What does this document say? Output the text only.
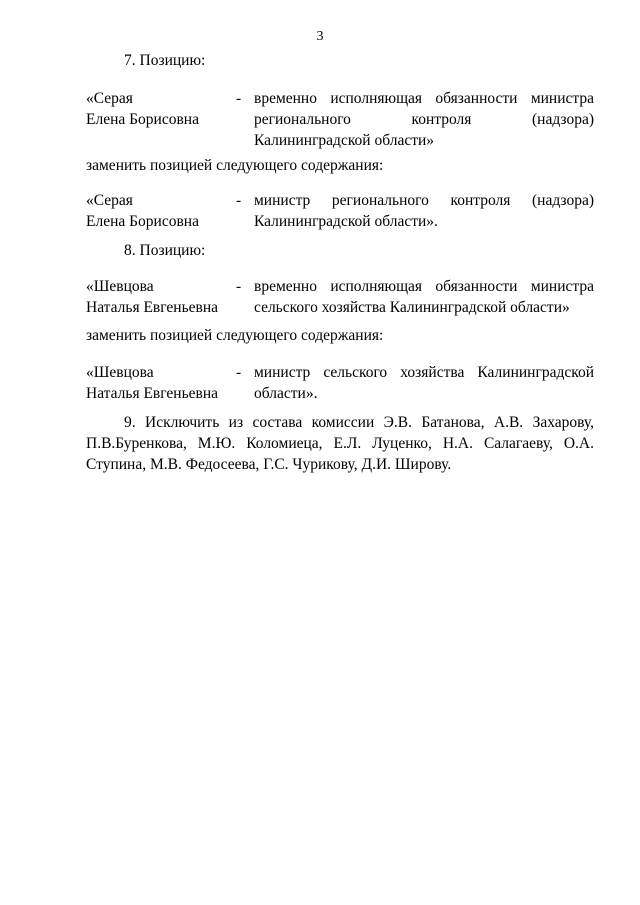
3
7. Позицию:
«Серая
Елена Борисовна
- временно исполняющая обязанности министра
регионального контроля (надзора)
Калининградской области»
заменить позицией следующего содержания:
«Серая
Елена Борисовна
- министр регионального контроля (надзора)
Калининградской области».
8. Позицию:
«Шевцова
Наталья Евгеньевна
- временно исполняющая обязанности министра
сельского хозяйства Калининградской области»
заменить позицией следующего содержания:
«Шевцова
Наталья Евгеньевна
- министр сельского хозяйства Калининградской
области».
9. Исключить из состава комиссии Э.В. Батанова, А.В. Захарову, П.В.Буренкова, М.Ю. Коломиеца, Е.Л. Луценко, Н.А. Салагаеву, О.А. Ступина, М.В. Федосеева, Г.С. Чурикову, Д.И. Широву.
